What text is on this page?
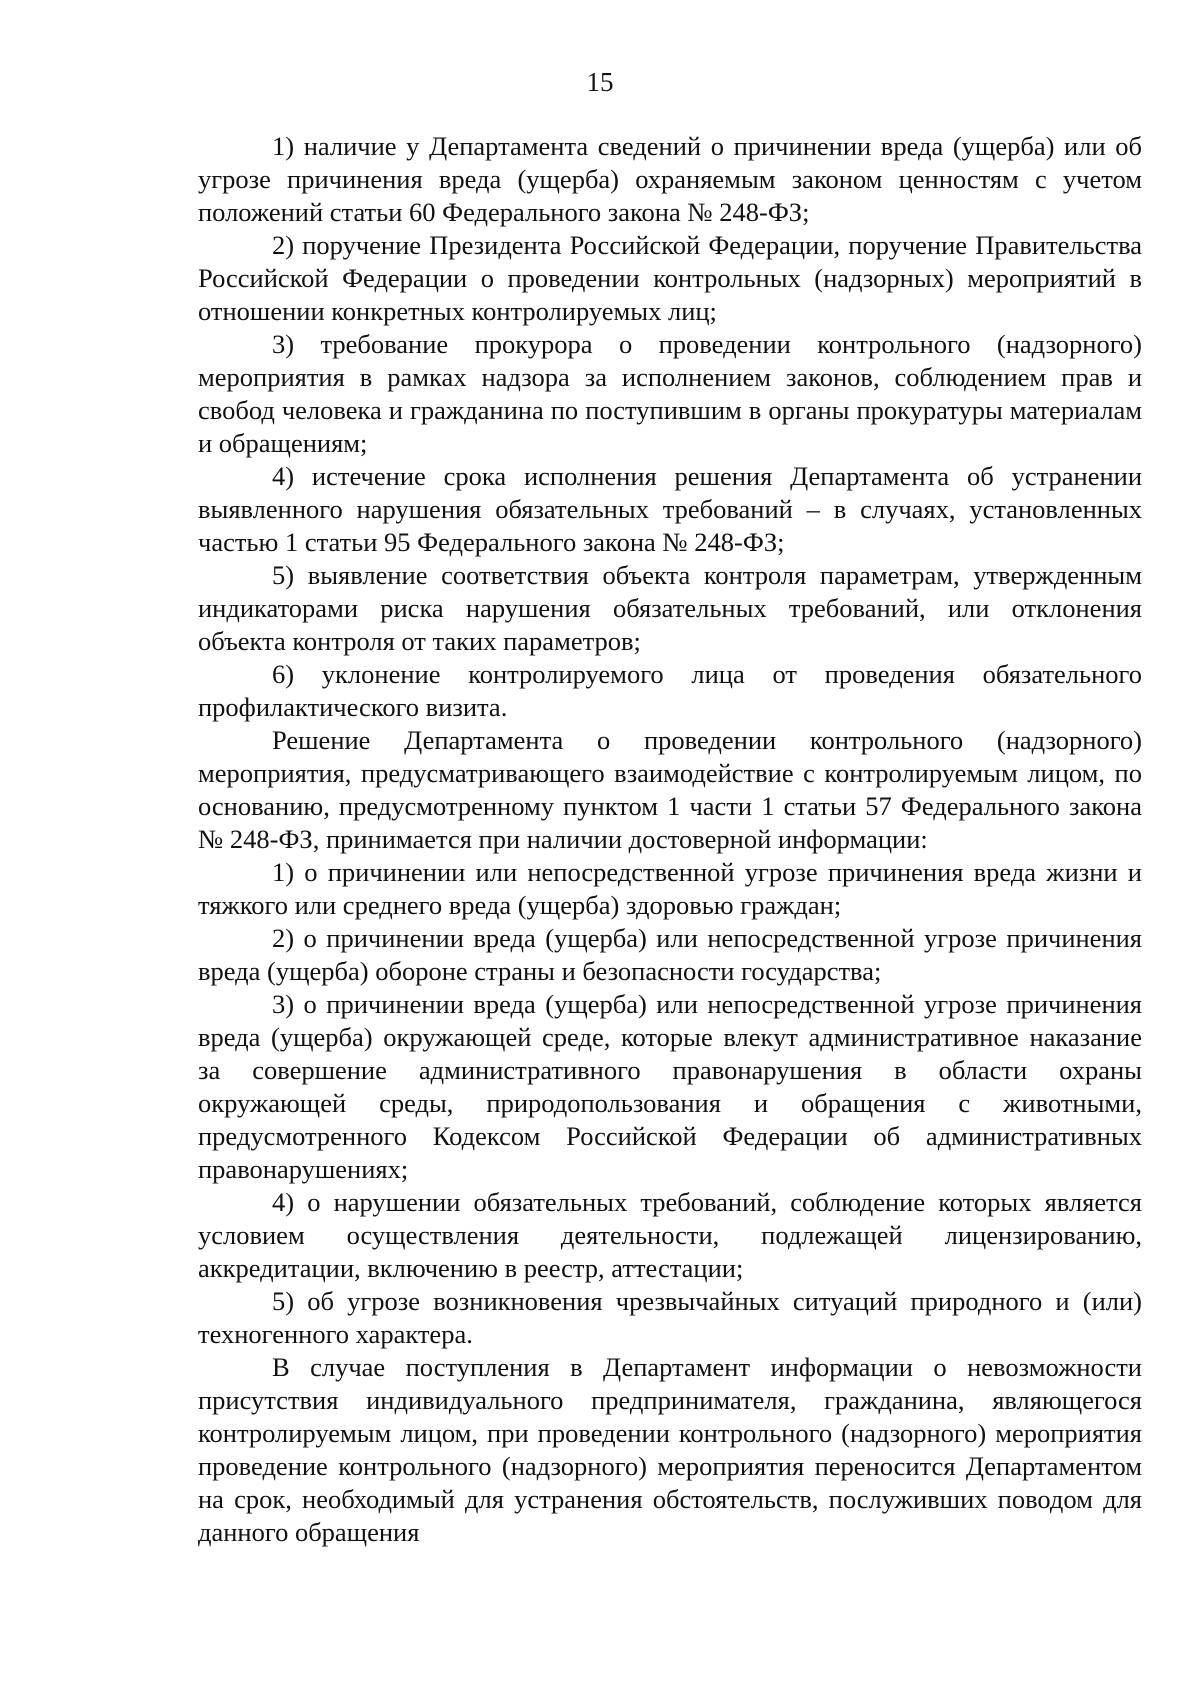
15

1) наличие у Департамента сведений о причинении вреда (ущерба) или об угрозе причинения вреда (ущерба) охраняемым законом ценностям с учетом положений статьи 60 Федерального закона № 248-ФЗ;

2) поручение Президента Российской Федерации, поручение Правительства Российской Федерации о проведении контрольных (надзорных) мероприятий в отношении конкретных контролируемых лиц;

3) требование прокурора о проведении контрольного (надзорного) мероприятия в рамках надзора за исполнением законов, соблюдением прав и свобод человека и гражданина по поступившим в органы прокуратуры материалам и обращениям;

4) истечение срока исполнения решения Департамента об устранении выявленного нарушения обязательных требований – в случаях, установленных частью 1 статьи 95 Федерального закона № 248-ФЗ;

5) выявление соответствия объекта контроля параметрам, утвержденным индикаторами риска нарушения обязательных требований, или отклонения объекта контроля от таких параметров;

6) уклонение контролируемого лица от проведения обязательного профилактического визита.

Решение Департамента о проведении контрольного (надзорного) мероприятия, предусматривающего взаимодействие с контролируемым лицом, по основанию, предусмотренному пунктом 1 части 1 статьи 57 Федерального закона № 248-ФЗ, принимается при наличии достоверной информации:

1) о причинении или непосредственной угрозе причинения вреда жизни и тяжкого или среднего вреда (ущерба) здоровью граждан;

2) о причинении вреда (ущерба) или непосредственной угрозе причинения вреда (ущерба) обороне страны и безопасности государства;

3) о причинении вреда (ущерба) или непосредственной угрозе причинения вреда (ущерба) окружающей среде, которые влекут административное наказание за совершение административного правонарушения в области охраны окружающей среды, природопользования и обращения с животными, предусмотренного Кодексом Российской Федерации об административных правонарушениях;

4) о нарушении обязательных требований, соблюдение которых является условием осуществления деятельности, подлежащей лицензированию, аккредитации, включению в реестр, аттестации;

5) об угрозе возникновения чрезвычайных ситуаций природного и (или) техногенного характера.

В случае поступления в Департамент информации о невозможности присутствия индивидуального предпринимателя, гражданина, являющегося контролируемым лицом, при проведении контрольного (надзорного) мероприятия проведение контрольного (надзорного) мероприятия переносится Департаментом на срок, необходимый для устранения обстоятельств, послуживших поводом для данного обращения
